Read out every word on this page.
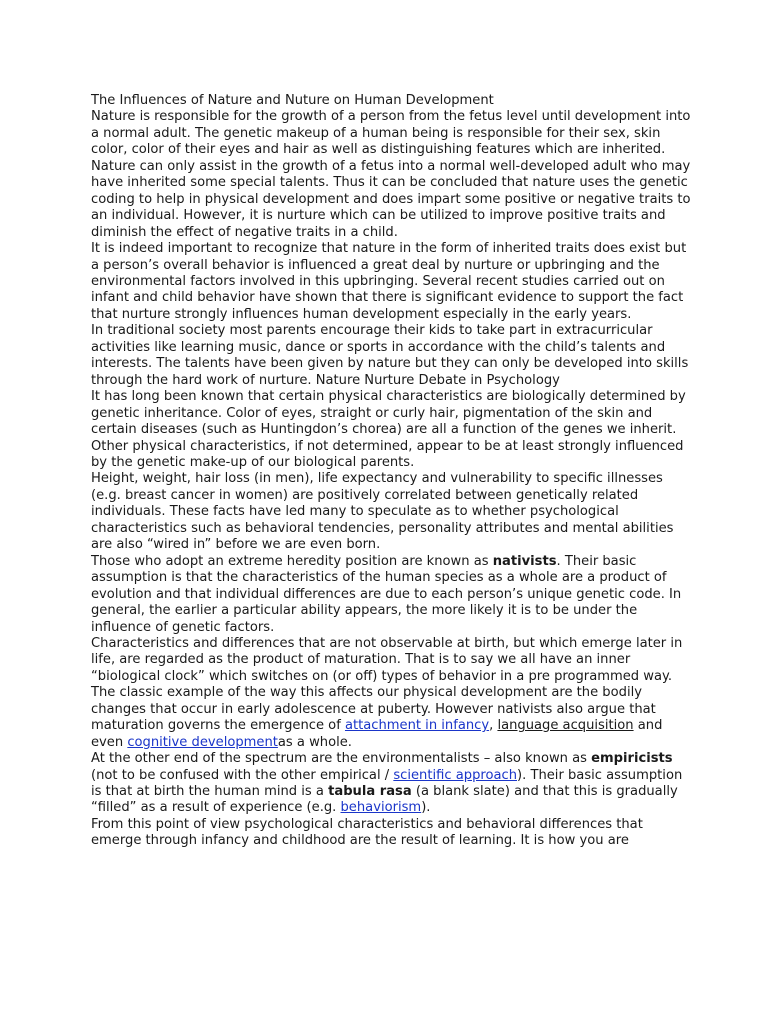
The Influences of Nature and Nuture on Human Development

Nature is responsible for the growth of a person from the fetus level until development into a normal adult. The genetic makeup of a human being is responsible for their sex, skin color, color of their eyes and hair as well as distinguishing features which are inherited.

Nature can only assist in the growth of a fetus into a normal well-developed adult who may have inherited some special talents. Thus it can be concluded that nature uses the genetic coding to help in physical development and does impart some positive or negative traits to an individual. However, it is nurture which can be utilized to improve positive traits and diminish the effect of negative traits in a child.

It is indeed important to recognize that nature in the form of inherited traits does exist but a person’s overall behavior is influenced a great deal by nurture or upbringing and the environmental factors involved in this upbringing. Several recent studies carried out on infant and child behavior have shown that there is significant evidence to support the fact that nurture strongly influences human development especially in the early years.

In traditional society most parents encourage their kids to take part in extracurricular activities like learning music, dance or sports in accordance with the child’s talents and interests. The talents have been given by nature but they can only be developed into skills through the hard work of nurture. Nature Nurture Debate in Psychology

It has long been known that certain physical characteristics are biologically determined by genetic inheritance. Color of eyes, straight or curly hair, pigmentation of the skin and certain diseases (such as Huntingdon’s chorea) are all a function of the genes we inherit. Other physical characteristics, if not determined, appear to be at least strongly influenced by the genetic make-up of our biological parents.

Height, weight, hair loss (in men), life expectancy and vulnerability to specific illnesses (e.g. breast cancer in women) are positively correlated between genetically related individuals. These facts have led many to speculate as to whether psychological characteristics such as behavioral tendencies, personality attributes and mental abilities are also “wired in” before we are even born.

Those who adopt an extreme heredity position are known as nativists. Their basic assumption is that the characteristics of the human species as a whole are a product of evolution and that individual differences are due to each person’s unique genetic code. In general, the earlier a particular ability appears, the more likely it is to be under the influence of genetic factors.

Characteristics and differences that are not observable at birth, but which emerge later in life, are regarded as the product of maturation. That is to say we all have an inner “biological clock” which switches on (or off) types of behavior in a pre programmed way. The classic example of the way this affects our physical development are the bodily changes that occur in early adolescence at puberty. However nativists also argue that maturation governs the emergence of attachment in infancy, language acquisition and even cognitive developmentas a whole.

At the other end of the spectrum are the environmentalists – also known as empiricists (not to be confused with the other empirical / scientific approach). Their basic assumption is that at birth the human mind is a tabula rasa (a blank slate) and that this is gradually “filled” as a result of experience (e.g. behaviorism).

From this point of view psychological characteristics and behavioral differences that emerge through infancy and childhood are the result of learning. It is how you are
